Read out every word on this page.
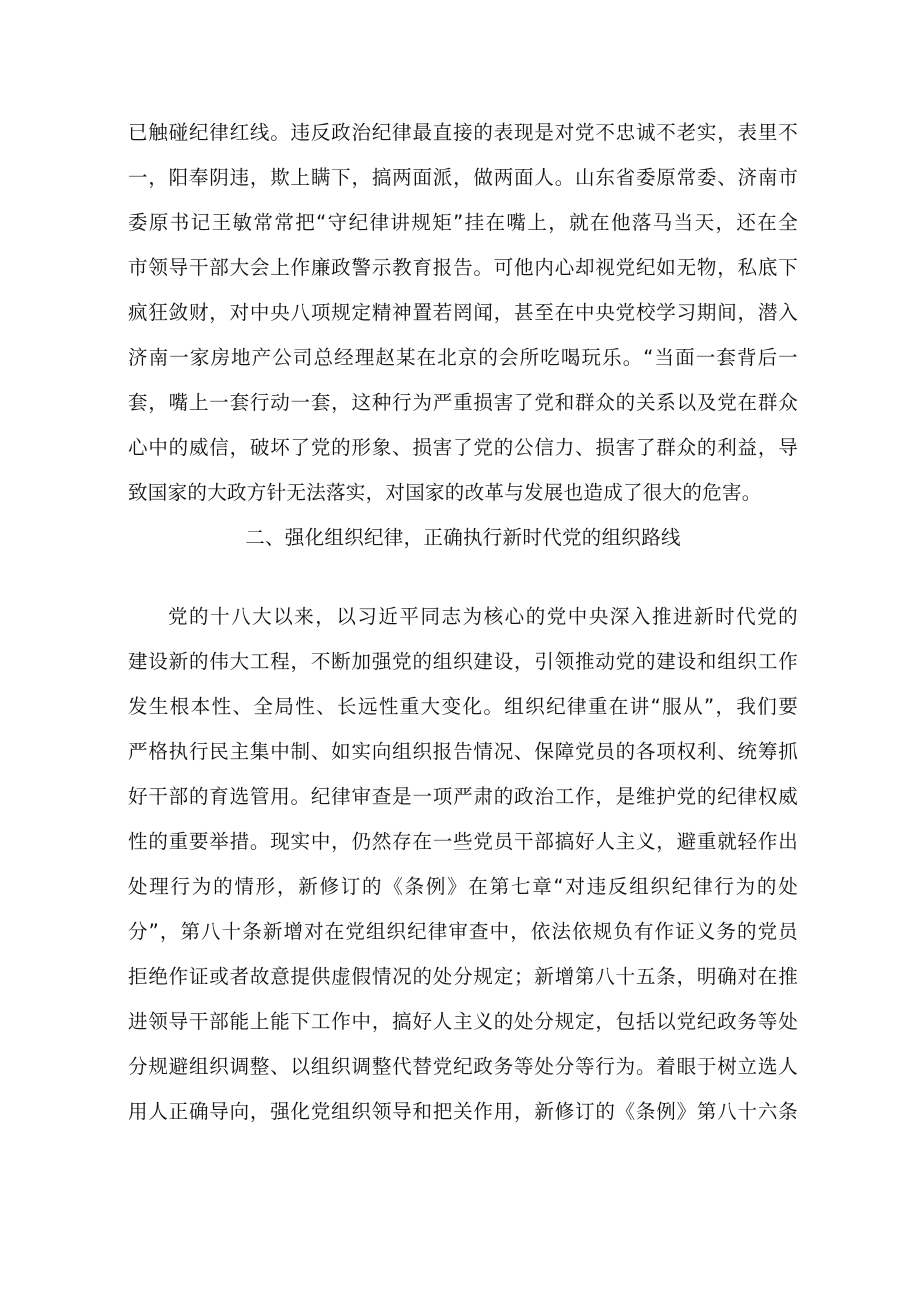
已触碰纪律红线。违反政治纪律最直接的表现是对党不忠诚不老实，表里不
一，阳奉阴违，欺上瞒下，搞两面派，做两面人。山东省委原常委、济南市
委原书记王敏常常把“守纪律讲规矩”挂在嘴上，就在他落马当天，还在全
市领导干部大会上作廉政警示教育报告。可他内心却视党纪如无物，私底下
疯狂敛财，对中央八项规定精神置若罔闻，甚至在中央党校学习期间，潜入
济南一家房地产公司总经理赵某在北京的会所吃喝玩乐。“当面一套背后一
套，嘴上一套行动一套，这种行为严重损害了党和群众的关系以及党在群众
心中的威信，破坏了党的形象、损害了党的公信力、损害了群众的利益，导
致国家的大政方针无法落实，对国家的改革与发展也造成了很大的危害。
二、强化组织纪律，正确执行新时代党的组织路线
党的十八大以来，以习近平同志为核心的党中央深入推进新时代党的
建设新的伟大工程，不断加强党的组织建设，引领推动党的建设和组织工作
发生根本性、全局性、长远性重大变化。组织纪律重在讲“服从”，我们要
严格执行民主集中制、如实向组织报告情况、保障党员的各项权利、统筹抓
好干部的育选管用。纪律审查是一项严肃的政治工作，是维护党的纪律权威
性的重要举措。现实中，仍然存在一些党员干部搞好人主义，避重就轻作出
处理行为的情形，新修订的《条例》在第七章“对违反组织纪律行为的处
分”，第八十条新增对在党组织纪律审查中，依法依规负有作证义务的党员
拒绝作证或者故意提供虚假情况的处分规定；新增第八十五条，明确对在推
进领导干部能上能下工作中，搞好人主义的处分规定，包括以党纪政务等处
分规避组织调整、以组织调整代替党纪政务等处分等行为。着眼于树立选人
用人正确导向，强化党组织领导和把关作用，新修订的《条例》第八十六条
